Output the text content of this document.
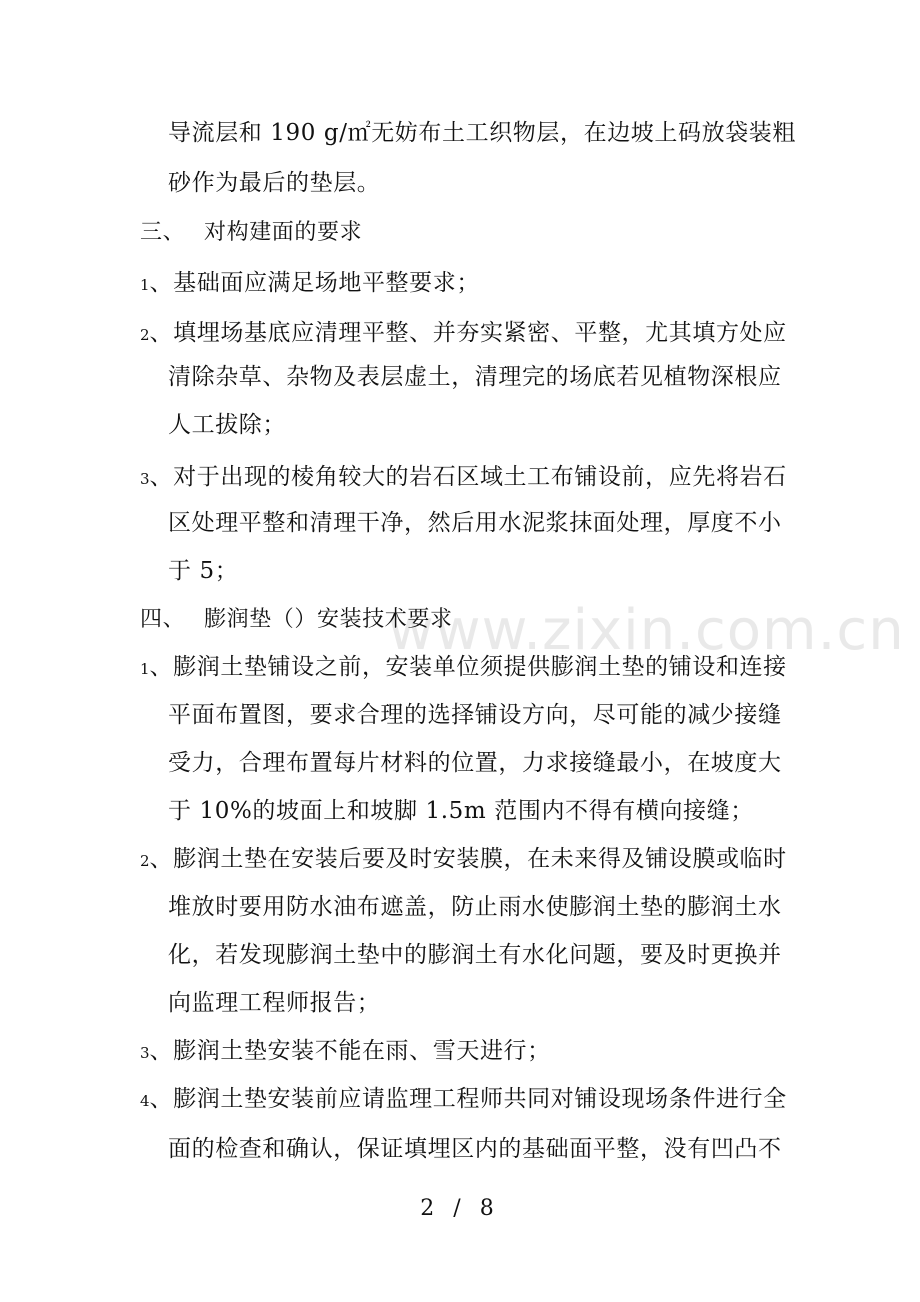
www.zixin.com.cn
导流层和 190 g/㎡无妨布土工织物层，在边坡上码放袋装粗
砂作为最后的垫层。
三、 对构建面的要求
1、基础面应满足场地平整要求；
2、填埋场基底应清理平整、并夯实紧密、平整，尤其填方处应
清除杂草、杂物及表层虚土，清理完的场底若见植物深根应
人工拔除；
3、对于出现的棱角较大的岩石区域土工布铺设前，应先将岩石
区处理平整和清理干净，然后用水泥浆抹面处理，厚度不小
于 5；
四、 膨润垫（）安装技术要求
1、膨润土垫铺设之前，安装单位须提供膨润土垫的铺设和连接
平面布置图，要求合理的选择铺设方向，尽可能的减少接缝
受力，合理布置每片材料的位置，力求接缝最小，在坡度大
于 10%的坡面上和坡脚 1.5m 范围内不得有横向接缝；
2、膨润土垫在安装后要及时安装膜，在未来得及铺设膜或临时
堆放时要用防水油布遮盖，防止雨水使膨润土垫的膨润土水
化，若发现膨润土垫中的膨润土有水化问题，要及时更换并
向监理工程师报告；
3、膨润土垫安装不能在雨、雪天进行；
4、膨润土垫安装前应请监理工程师共同对铺设现场条件进行全
面的检查和确认，保证填埋区内的基础面平整，没有凹凸不
2 / 8
